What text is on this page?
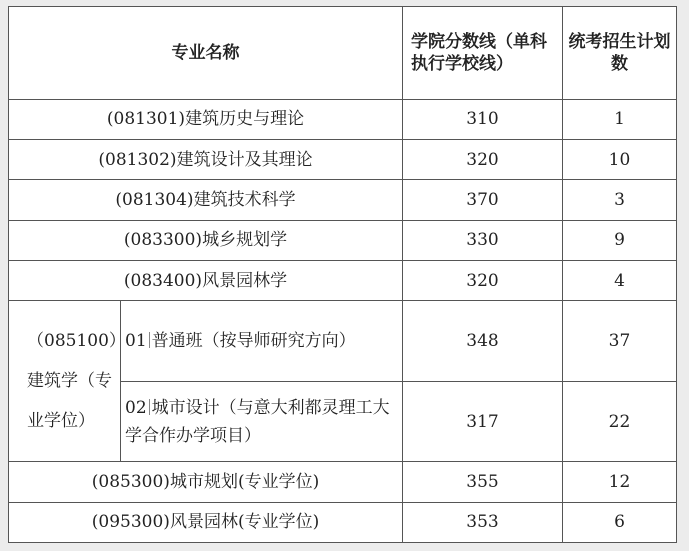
专业名称		学院分数线（单科执行学校线）	统考招生计划数
(081301)建筑历史与理论		310	1
(081302)建筑设计及其理论		320	10
(081304)建筑技术科学		370	3
(083300)城乡规划学		330	9
(083400)风景园林学		320	4
（085100）建筑学（专业学位）	01 普通班（按导师研究方向）	348	37
	02 城市设计（与意大利都灵理工大学合作办学项目）	317	22
(085300)城市规划(专业学位)		355	12
(095300)风景园林(专业学位)		353	6
